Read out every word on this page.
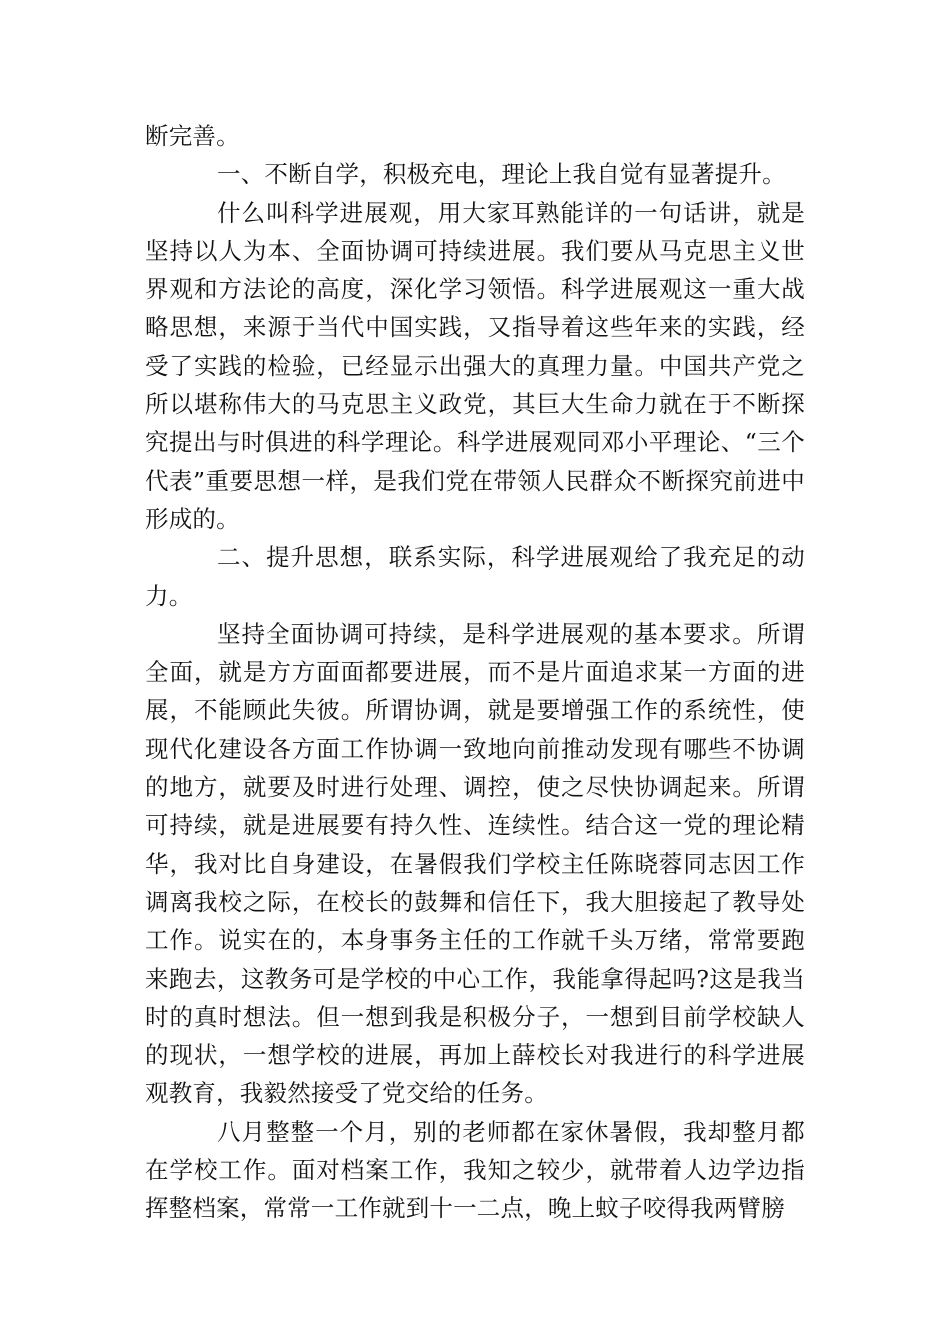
断完善。

一、不断自学，积极充电，理论上我自觉有显著提升。

什么叫科学进展观，用大家耳熟能详的一句话讲，就是坚持以人为本、全面协调可持续进展。我们要从马克思主义世界观和方法论的高度，深化学习领悟。科学进展观这一重大战略思想，来源于当代中国实践，又指导着这些年来的实践，经受了实践的检验，已经显示出强大的真理力量。中国共产党之所以堪称伟大的马克思主义政党，其巨大生命力就在于不断探究提出与时俱进的科学理论。科学进展观同邓小平理论、“三个代表”重要思想一样，是我们党在带领人民群众不断探究前进中形成的。

二、提升思想，联系实际，科学进展观给了我充足的动力。

坚持全面协调可持续，是科学进展观的基本要求。所谓全面，就是方方面面都要进展，而不是片面追求某一方面的进展，不能顾此失彼。所谓协调，就是要增强工作的系统性，使现代化建设各方面工作协调一致地向前推动发现有哪些不协调的地方，就要及时进行处理、调控，使之尽快协调起来。所谓可持续，就是进展要有持久性、连续性。结合这一党的理论精华，我对比自身建设，在暑假我们学校主任陈晓蓉同志因工作调离我校之际，在校长的鼓舞和信任下，我大胆接起了教导处工作。说实在的，本身事务主任的工作就千头万绪，常常要跑来跑去，这教务可是学校的中心工作，我能拿得起吗?这是我当时的真时想法。但一想到我是积极分子，一想到目前学校缺人的现状，一想学校的进展，再加上薛校长对我进行的科学进展观教育，我毅然接受了党交给的任务。

八月整整一个月，别的老师都在家休暑假，我却整月都在学校工作。面对档案工作，我知之较少，就带着人边学边指挥整档案，常常一工作就到十一二点，晚上蚊子咬得我两臂膀
